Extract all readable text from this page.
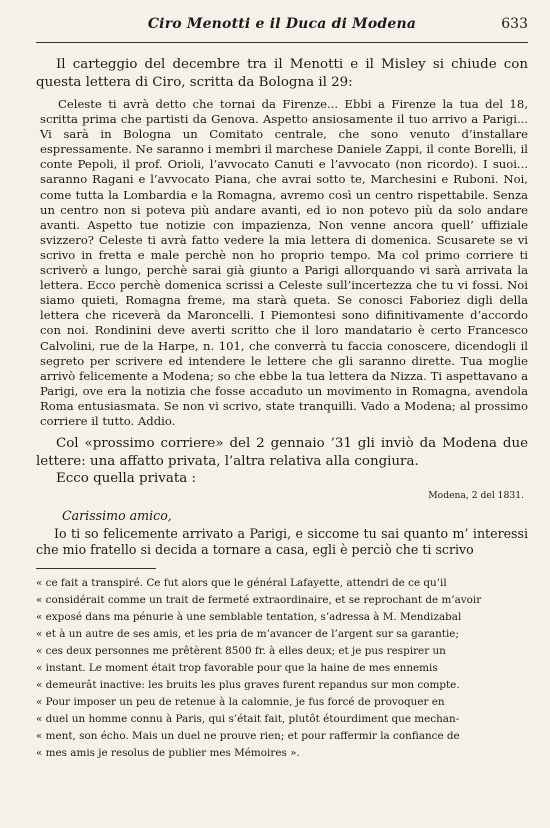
Ciro Menotti e il Duca di Modena	633

Il carteggio del decembre tra il Menotti e il Misley si chiude con questa lettera di Ciro, scritta da Bologna il 29:

Celeste ti avrà detto che tornai da Firenze... Ebbi a Firenze la tua del 18, scritta prima che partisti da Genova. Aspetto ansiosamente il tuo arrivo a Parigi... Vi sarà in Bologna un Comitato centrale, che sono venuto d’installare espressamente. Ne saranno i membri il marchese Daniele Zappi, il conte Borelli, il conte Pepoli, il prof. Orioli, l’avvocato Canuti e l’avvocato (non ricordo). I suoi... saranno Ragani e l’avvocato Piana, che avrai sotto te, Marchesini e Ruboni. Noi, come tutta la Lombardia e la Romagna, avremo così un centro rispettabile. Senza un centro non si poteva più andare avanti, ed io non potevo più da solo andare avanti. Aspetto tue notizie con impazienza, Non venne ancora quell’ uffiziale svizzero? Celeste ti avrà fatto vedere la mia lettera di domenica. Scusarete se vi scrivo in fretta e male perchè non ho proprio tempo. Ma col primo corriere ti scriverò a lungo, perchè sarai già giunto a Parigi allorquando vi sarà arrivata la lettera. Ecco perchè domenica scrissi a Celeste sull’incertezza che tu vi fossi. Noi siamo quieti, Romagna freme, ma starà queta. Se conosci Faboriez digli della lettera che riceverà da Maroncelli. I Piemontesi sono difinitivamente d’accordo con noi. Rondinini deve averti scritto che il loro mandatario è certo Francesco Calvolini, rue de la Harpe, n. 101, che converrà tu faccia conoscere, dicendogli il segreto per scrivere ed intendere le lettere che gli saranno dirette. Tua moglie arrivò felicemente a Modena; so che ebbe la tua lettera da Nizza. Ti aspettavano a Parigi, ove era la notizia che fosse accaduto un movimento in Romagna, avendola Roma entusiasmata. Se non vi scrivo, state tranquilli. Vado a Modena; al prossimo corriere il tutto. Addio.

Col «prossimo corriere» del 2 gennaio ’31 gli inviò da Modena due lettere: una affatto privata, l’altra relativa alla congiura.

Ecco quella privata :

Modena, 2 del 1831.

Carissimo amico,

Io ti so felicemente arrivato a Parigi, e siccome tu sai quanto m’ interessi che mio fratello si decida a tornare a casa, egli è perciò che ti scrivo

« ce fait a transpiré. Ce fut alors que le général Lafayette, attendri de ce qu’il
« considérait comme un trait de fermeté extraordinaire, et se reprochant de m’avoir
« exposé dans ma pénurie à une semblable tentation, s’adressa à M. Mendizabal
« et à un autre de ses amis, et les pria de m’avancer de l’argent sur sa garantie;
« ces deux personnes me prêtèrent 8500 fr. à elles deux; et je pus respirer un
« instant. Le moment était trop favorable pour que la haine de mes ennemis
« demeurât inactive: les bruits les plus graves furent repandus sur mon compte.
« Pour imposer un peu de retenue à la calomnie, je fus forcé de provoquer en
« duel un homme connu à Paris, qui s’était fait, plutôt étourdiment que mechan-
« ment, son écho. Mais un duel ne prouve rien; et pour raffermir la confiance de
« mes amis je resolus de publier mes Mémoires ».
